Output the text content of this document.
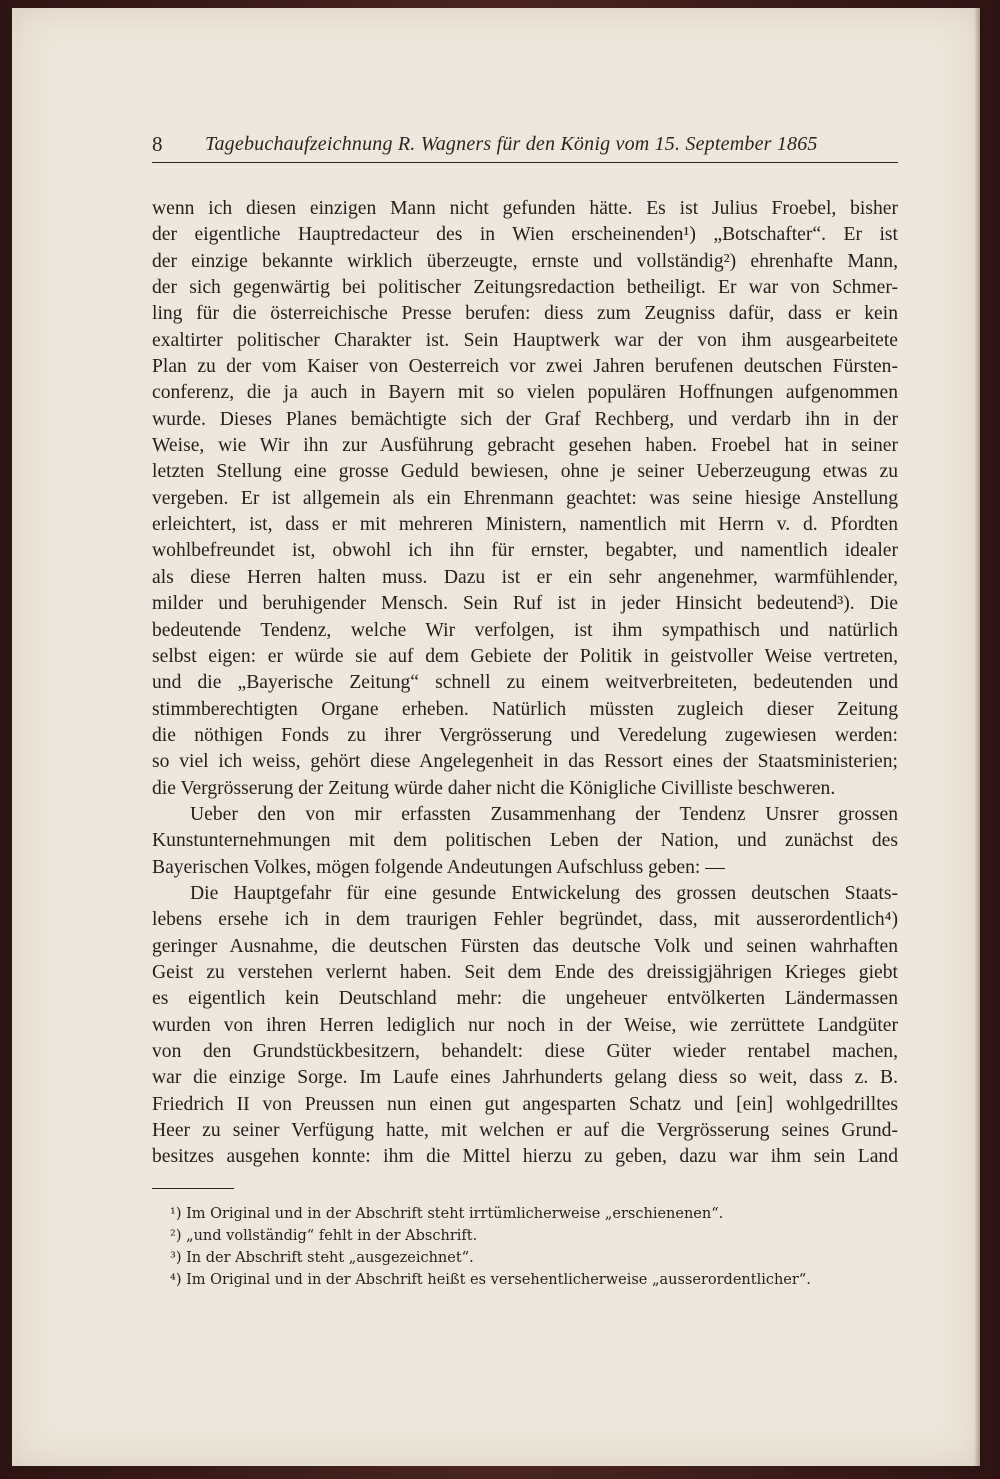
8 Tagebuchaufzeichnung R. Wagners für den König vom 15. September 1865
wenn ich diesen einzigen Mann nicht gefunden hätte. Es ist Julius Froebel, bisher
der eigentliche Hauptredacteur des in Wien erscheinenden¹) „Botschafter“. Er ist
der einzige bekannte wirklich überzeugte, ernste und vollständig²) ehrenhafte Mann,
der sich gegenwärtig bei politischer Zeitungsredaction betheiligt. Er war von Schmer-
ling für die österreichische Presse berufen: diess zum Zeugniss dafür, dass er kein
exaltirter politischer Charakter ist. Sein Hauptwerk war der von ihm ausgearbeitete
Plan zu der vom Kaiser von Oesterreich vor zwei Jahren berufenen deutschen Fürsten-
conferenz, die ja auch in Bayern mit so vielen populären Hoffnungen aufgenommen
wurde. Dieses Planes bemächtigte sich der Graf Rechberg, und verdarb ihn in der
Weise, wie Wir ihn zur Ausführung gebracht gesehen haben. Froebel hat in seiner
letzten Stellung eine grosse Geduld bewiesen, ohne je seiner Ueberzeugung etwas zu
vergeben. Er ist allgemein als ein Ehrenmann geachtet: was seine hiesige Anstellung
erleichtert, ist, dass er mit mehreren Ministern, namentlich mit Herrn v. d. Pfordten
wohlbefreundet ist, obwohl ich ihn für ernster, begabter, und namentlich idealer
als diese Herren halten muss. Dazu ist er ein sehr angenehmer, warmfühlender,
milder und beruhigender Mensch. Sein Ruf ist in jeder Hinsicht bedeutend³). Die
bedeutende Tendenz, welche Wir verfolgen, ist ihm sympathisch und natürlich
selbst eigen: er würde sie auf dem Gebiete der Politik in geistvoller Weise vertreten,
und die „Bayerische Zeitung“ schnell zu einem weitverbreiteten, bedeutenden und
stimmberechtigten Organe erheben. Natürlich müssten zugleich dieser Zeitung
die nöthigen Fonds zu ihrer Vergrösserung und Veredelung zugewiesen werden:
so viel ich weiss, gehört diese Angelegenheit in das Ressort eines der Staatsministerien;
die Vergrösserung der Zeitung würde daher nicht die Königliche Civilliste beschweren.
Ueber den von mir erfassten Zusammenhang der Tendenz Unsrer grossen
Kunstunternehmungen mit dem politischen Leben der Nation, und zunächst des
Bayerischen Volkes, mögen folgende Andeutungen Aufschluss geben: —
Die Hauptgefahr für eine gesunde Entwickelung des grossen deutschen Staats-
lebens ersehe ich in dem traurigen Fehler begründet, dass, mit ausserordentlich⁴)
geringer Ausnahme, die deutschen Fürsten das deutsche Volk und seinen wahrhaften
Geist zu verstehen verlernt haben. Seit dem Ende des dreissigjährigen Krieges giebt
es eigentlich kein Deutschland mehr: die ungeheuer entvölkerten Ländermassen
wurden von ihren Herren lediglich nur noch in der Weise, wie zerrüttete Landgüter
von den Grundstückbesitzern, behandelt: diese Güter wieder rentabel machen,
war die einzige Sorge. Im Laufe eines Jahrhunderts gelang diess so weit, dass z. B.
Friedrich II von Preussen nun einen gut angesparten Schatz und [ein] wohlgedrilltes
Heer zu seiner Verfügung hatte, mit welchen er auf die Vergrösserung seines Grund-
besitzes ausgehen konnte: ihm die Mittel hierzu zu geben, dazu war ihm sein Land
¹) Im Original und in der Abschrift steht irrtümlicherweise „erschienenen“.
²) „und vollständig“ fehlt in der Abschrift.
³) In der Abschrift steht „ausgezeichnet“.
⁴) Im Original und in der Abschrift heißt es versehentlicherweise „ausserordentlicher“.
